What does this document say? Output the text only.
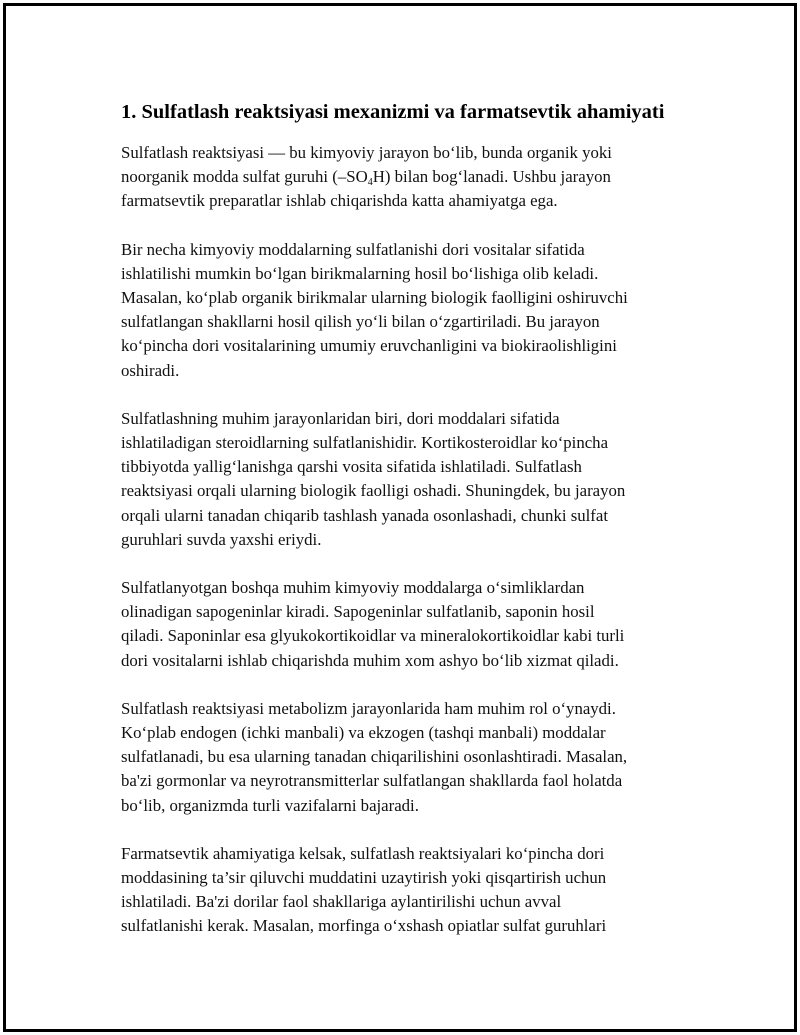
1. Sulfatlash reaktsiyasi mexanizmi va farmatsevtik ahamiyati

Sulfatlash reaktsiyasi — bu kimyoviy jarayon bo‘lib, bunda organik yoki
noorganik modda sulfat guruhi $(-SO_4H)$ bilan bog‘lanadi. Ushbu jarayon
farmatsevtik preparatlar ishlab chiqarishda katta ahamiyatga ega.

Bir necha kimyoviy moddalarning sulfatlanishi dori vositalar sifatida
ishlatilishi mumkin bo‘lgan birikmalarning hosil bo‘lishiga olib keladi.
Masalan, ko‘plab organik birikmalar ularning biologik faolligini oshiruvchi
sulfatlangan shakllarni hosil qilish yo‘li bilan o‘zgartiriladi. Bu jarayon
ko‘pincha dori vositalarining umumiy eruvchanligini va biokiraolishligini
oshiradi.

Sulfatlashning muhim jarayonlaridan biri, dori moddalari sifatida
ishlatiladigan steroidlarning sulfatlanishidir. Kortikosteroidlar ko‘pincha
tibbiyotda yallig‘lanishga qarshi vosita sifatida ishlatiladi. Sulfatlash
reaktsiyasi orqali ularning biologik faolligi oshadi. Shuningdek, bu jarayon
orqali ularni tanadan chiqarib tashlash yanada osonlashadi, chunki sulfat
guruhlari suvda yaxshi eriydi.

Sulfatlanyotgan boshqa muhim kimyoviy moddalarga o‘simliklardan
olinadigan sapogeninlar kiradi. Sapogeninlar sulfatlanib, saponin hosil
qiladi. Saponinlar esa glyukokortikoidlar va mineralokortikoidlar kabi turli
dori vositalarni ishlab chiqarishda muhim xom ashyo bo‘lib xizmat qiladi.

Sulfatlash reaktsiyasi metabolizm jarayonlarida ham muhim rol o‘ynaydi.
Ko‘plab endogen (ichki manbali) va ekzogen (tashqi manbali) moddalar
sulfatlanadi, bu esa ularning tanadan chiqarilishini osonlashtiradi. Masalan,
ba'zi gormonlar va neyrotransmitterlar sulfatlangan shakllarda faol holatda
bo‘lib, organizmda turli vazifalarni bajaradi.

Farmatsevtik ahamiyatiga kelsak, sulfatlash reaktsiyalari ko‘pincha dori
moddasining ta’sir qiluvchi muddatini uzaytirish yoki qisqartirish uchun
ishlatiladi. Ba'zi dorilar faol shakllariga aylantirilishi uchun avval
sulfatlanishi kerak. Masalan, morfinga o‘xshash opiatlar sulfat guruhlari
